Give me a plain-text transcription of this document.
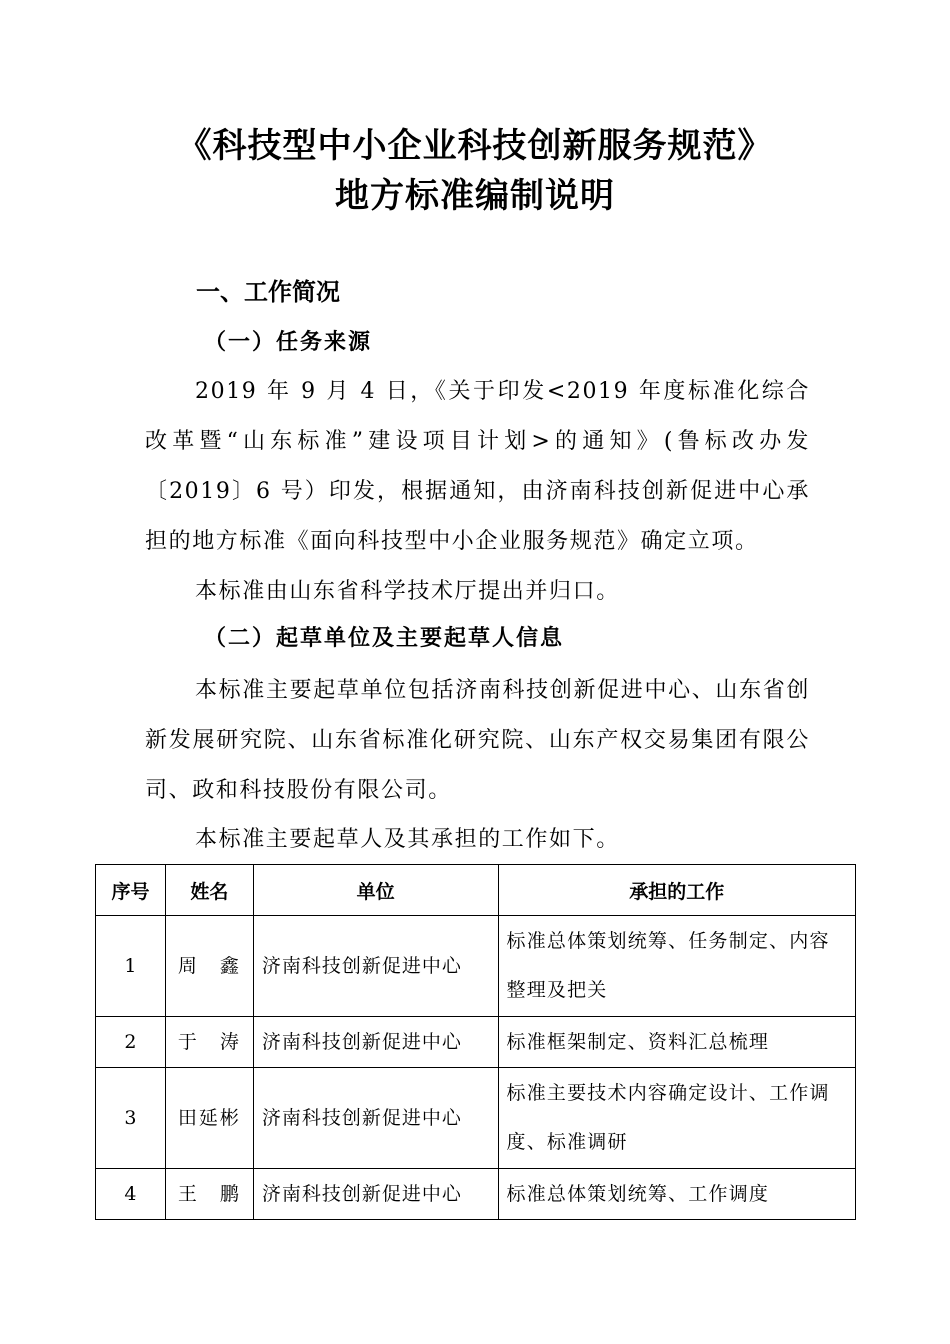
《科技型中小企业科技创新服务规范》
地方标准编制说明
一、工作简况
（一）任务来源

2019 年 9 月 4 日，《关于印发<2019 年度标准化综合改革暨“山东标准”建设项目计划>的通知》(鲁标改办发〔2019〕6 号）印发，根据通知，由济南科技创新促进中心承担的地方标准《面向科技型中小企业服务规范》确定立项。

本标准由山东省科学技术厅提出并归口。

（二）起草单位及主要起草人信息

本标准主要起草单位包括济南科技创新促进中心、山东省创新发展研究院、山东省标准化研究院、山东产权交易集团有限公司、政和科技股份有限公司。

本标准主要起草人及其承担的工作如下。

序号	姓名	单位	承担的工作
1	周　鑫	济南科技创新促进中心	标准总体策划统筹、任务制定、内容整理及把关
2	于　涛	济南科技创新促进中心	标准框架制定、资料汇总梳理
3	田延彬	济南科技创新促进中心	标准主要技术内容确定设计、工作调度、标准调研
4	王　鹏	济南科技创新促进中心	标准总体策划统筹、工作调度
